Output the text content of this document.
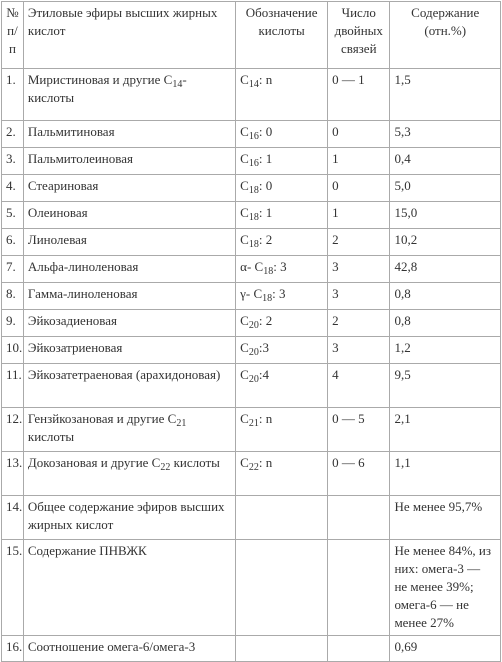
№ п/п	Этиловые эфиры высших жирных кислот	Обозначение кислоты	Число двойных связей	Содержание (отн.%)
1.	Миристиновая и другие $C_{14}$-кислоты	$C_{14}$: n	0 — 1	1,5
2.	Пальмитиновая	$C_{16}$: 0	0	5,3
3.	Пальмитолеиновая	$C_{16}$: 1	1	0,4
4.	Стеариновая	$C_{18}$: 0	0	5,0
5.	Олеиновая	$C_{18}$: 1	1	15,0
6.	Линолевая	$C_{18}$: 2	2	10,2
7.	Альфа-линоленовая	α- $C_{18}$: 3	3	42,8
8.	Гамма-линоленовая	γ- $C_{18}$: 3	3	0,8
9.	Эйкозадиеновая	$C_{20}$: 2	2	0,8
10.	Эйкозатриеновая	$C_{20}:3$	3	1,2
11.	Эйкозатетраеновая (арахидоновая)	$C_{20}:4$	4	9,5
12.	Гензйкозановая и другие $C_{21}$ кислоты	$C_{21}$: n	0 — 5	2,1
13.	Докозановая и другие $C_{22}$ кислоты	$C_{22}$: n	0 — 6	1,1
14.	Общее содержание эфиров высших жирных кислот			Не менее 95,7%
15.	Содержание ПНВЖК			Не менее 84%, из них: омега-3 — не менее 39%; омега-6 — не менее 27%
16.	Соотношение омега-6/омега-3			0,69
